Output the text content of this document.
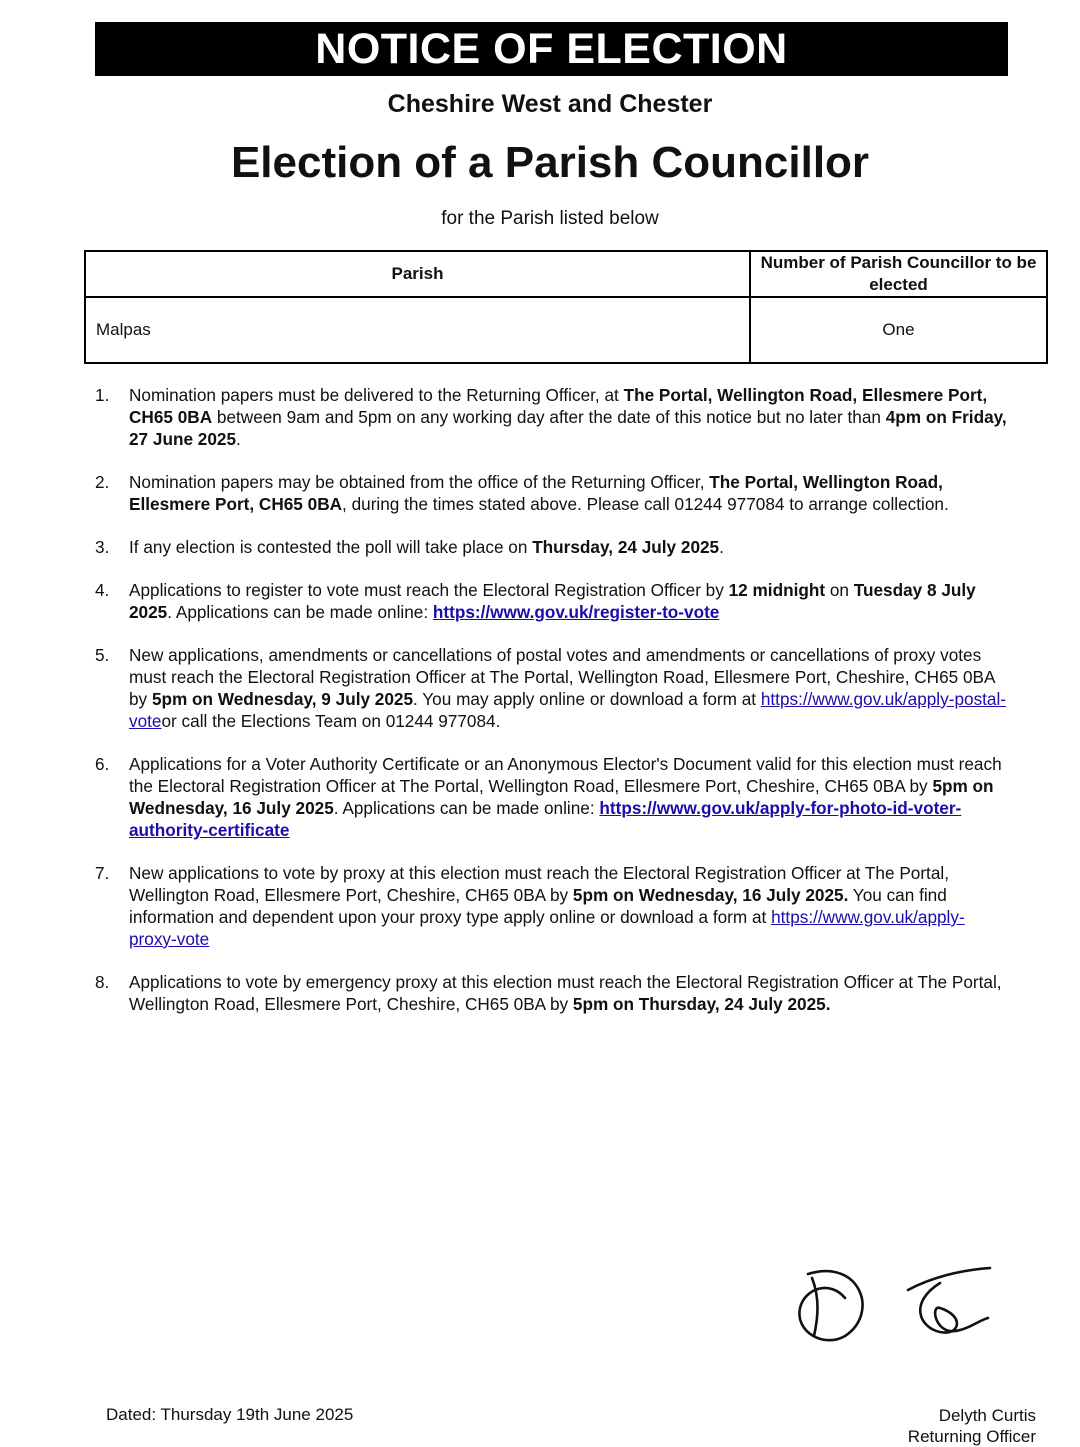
NOTICE OF ELECTION
Cheshire West and Chester
Election of a Parish Councillor
for the Parish listed below
Parish	Number of Parish Councillor to be elected
Malpas	One
1.	Nomination papers must be delivered to the Returning Officer, at The Portal, Wellington Road, Ellesmere Port, CH65 0BA between 9am and 5pm on any working day after the date of this notice but no later than 4pm on Friday, 27 June 2025.
2.	Nomination papers may be obtained from the office of the Returning Officer, The Portal, Wellington Road, Ellesmere Port, CH65 0BA, during the times stated above. Please call 01244 977084 to arrange collection.
3.	If any election is contested the poll will take place on Thursday, 24 July 2025.
4.	Applications to register to vote must reach the Electoral Registration Officer by 12 midnight on Tuesday 8 July 2025. Applications can be made online: https://www.gov.uk/register-to-vote
5.	New applications, amendments or cancellations of postal votes and amendments or cancellations of proxy votes must reach the Electoral Registration Officer at The Portal, Wellington Road, Ellesmere Port, Cheshire, CH65 0BA by 5pm on Wednesday, 9 July 2025. You may apply online or download a form at https://www.gov.uk/apply-postal-voteor call the Elections Team on 01244 977084.
6.	Applications for a Voter Authority Certificate or an Anonymous Elector's Document valid for this election must reach the Electoral Registration Officer at The Portal, Wellington Road, Ellesmere Port, Cheshire, CH65 0BA by 5pm on Wednesday, 16 July 2025. Applications can be made online: https://www.gov.uk/apply-for-photo-id-voter-authority-certificate
7.	New applications to vote by proxy at this election must reach the Electoral Registration Officer at The Portal, Wellington Road, Ellesmere Port, Cheshire, CH65 0BA by 5pm on Wednesday, 16 July 2025. You can find information and dependent upon your proxy type apply online or download a form at https://www.gov.uk/apply-proxy-vote
8.	Applications to vote by emergency proxy at this election must reach the Electoral Registration Officer at The Portal, Wellington Road, Ellesmere Port, Cheshire, CH65 0BA by 5pm on Thursday, 24 July 2025.
Dated: Thursday 19th June 2025	Delyth Curtis
Returning Officer
